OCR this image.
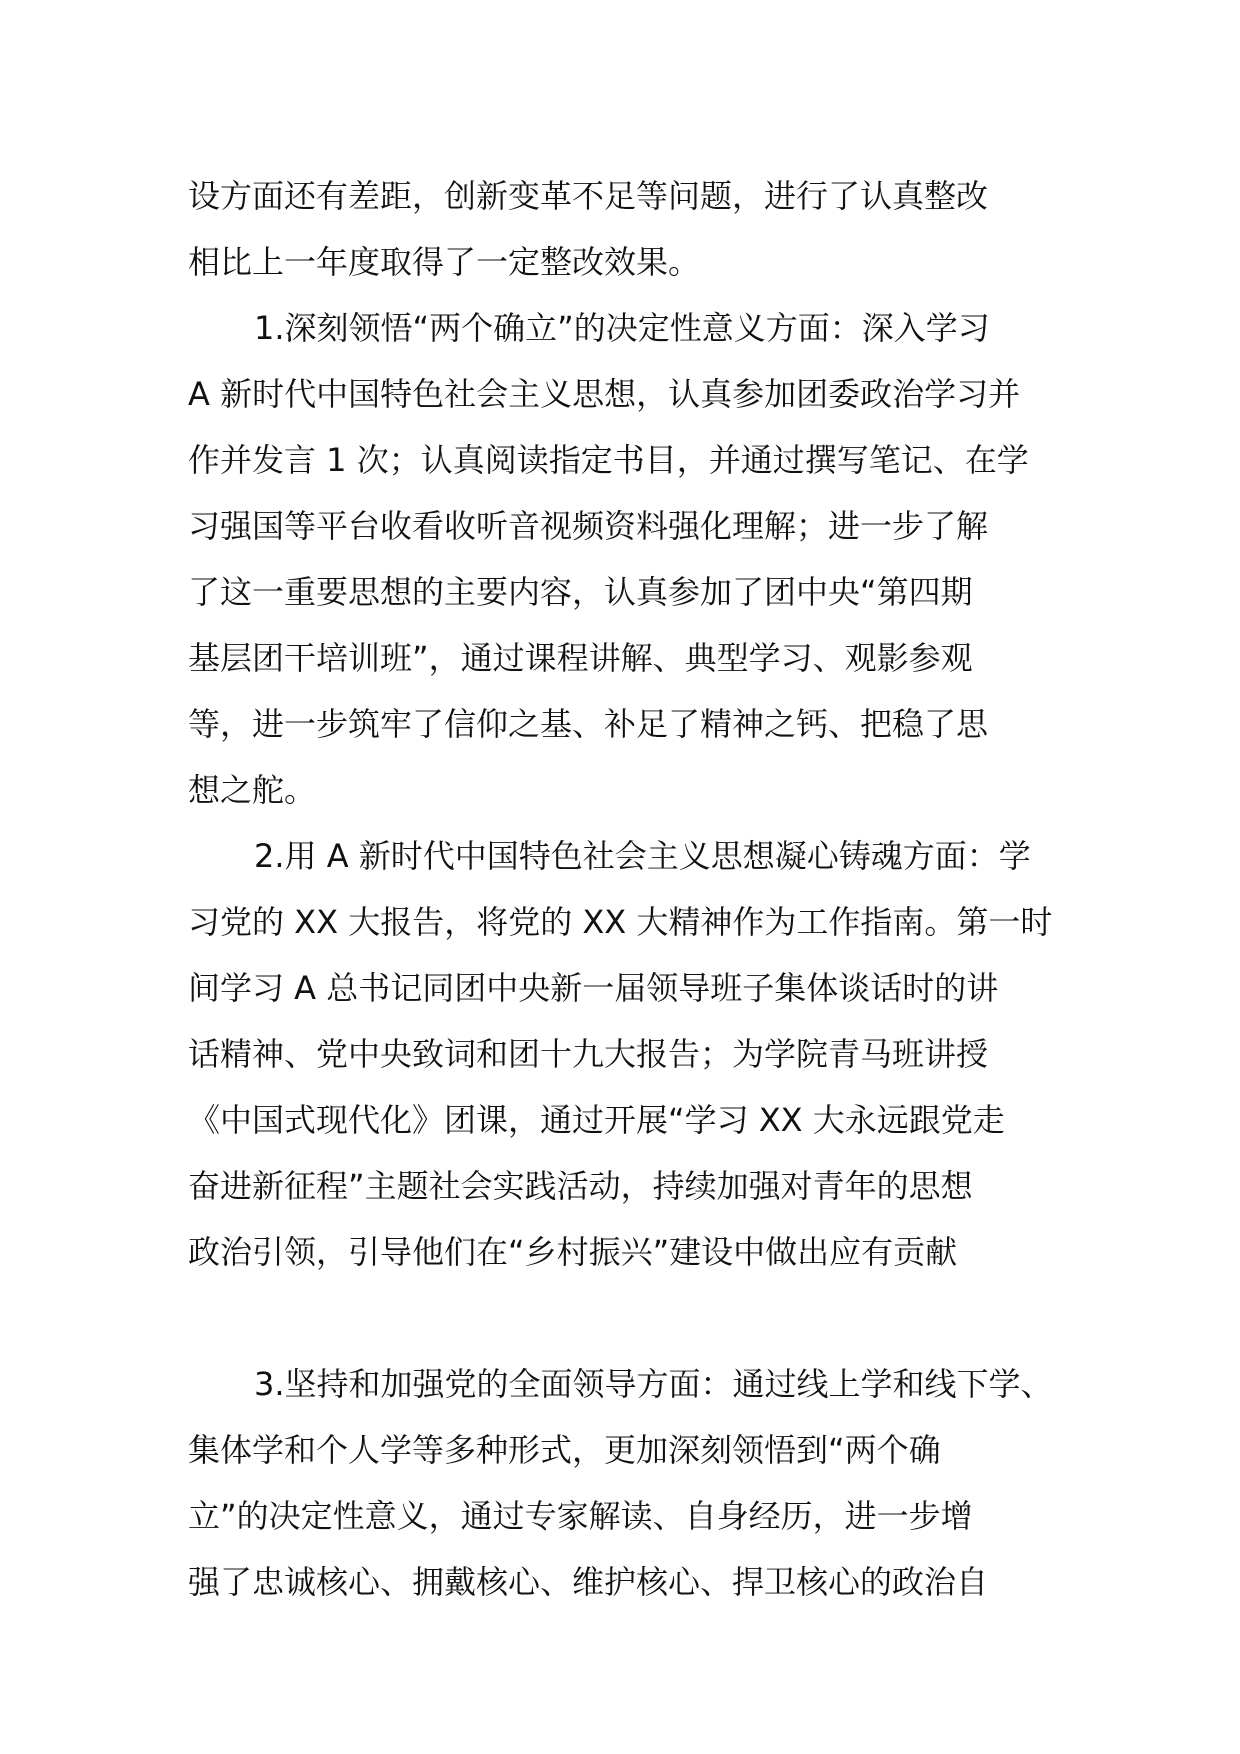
设方面还有差距，创新变革不足等问题，进行了认真整改
相比上一年度取得了一定整改效果。
1.深刻领悟“两个确立”的决定性意义方面：深入学习
A 新时代中国特色社会主义思想，认真参加团委政治学习并
作并发言 1 次；认真阅读指定书目，并通过撰写笔记、在学
习强国等平台收看收听音视频资料强化理解；进一步了解
了这一重要思想的主要内容，认真参加了团中央“第四期
基层团干培训班”，通过课程讲解、典型学习、观影参观
等，进一步筑牢了信仰之基、补足了精神之钙、把稳了思
想之舵。
2.用 A 新时代中国特色社会主义思想凝心铸魂方面：学
习党的 XX 大报告，将党的 XX 大精神作为工作指南。第一时
间学习 A 总书记同团中央新一届领导班子集体谈话时的讲
话精神、党中央致词和团十九大报告；为学院青马班讲授
《中国式现代化》团课，通过开展“学习 XX 大永远跟党走
奋进新征程”主题社会实践活动，持续加强对青年的思想
政治引领，引导他们在“乡村振兴”建设中做出应有贡献
3.坚持和加强党的全面领导方面：通过线上学和线下学、
集体学和个人学等多种形式，更加深刻领悟到“两个确
立”的决定性意义，通过专家解读、自身经历，进一步增
强了忠诚核心、拥戴核心、维护核心、捍卫核心的政治自
